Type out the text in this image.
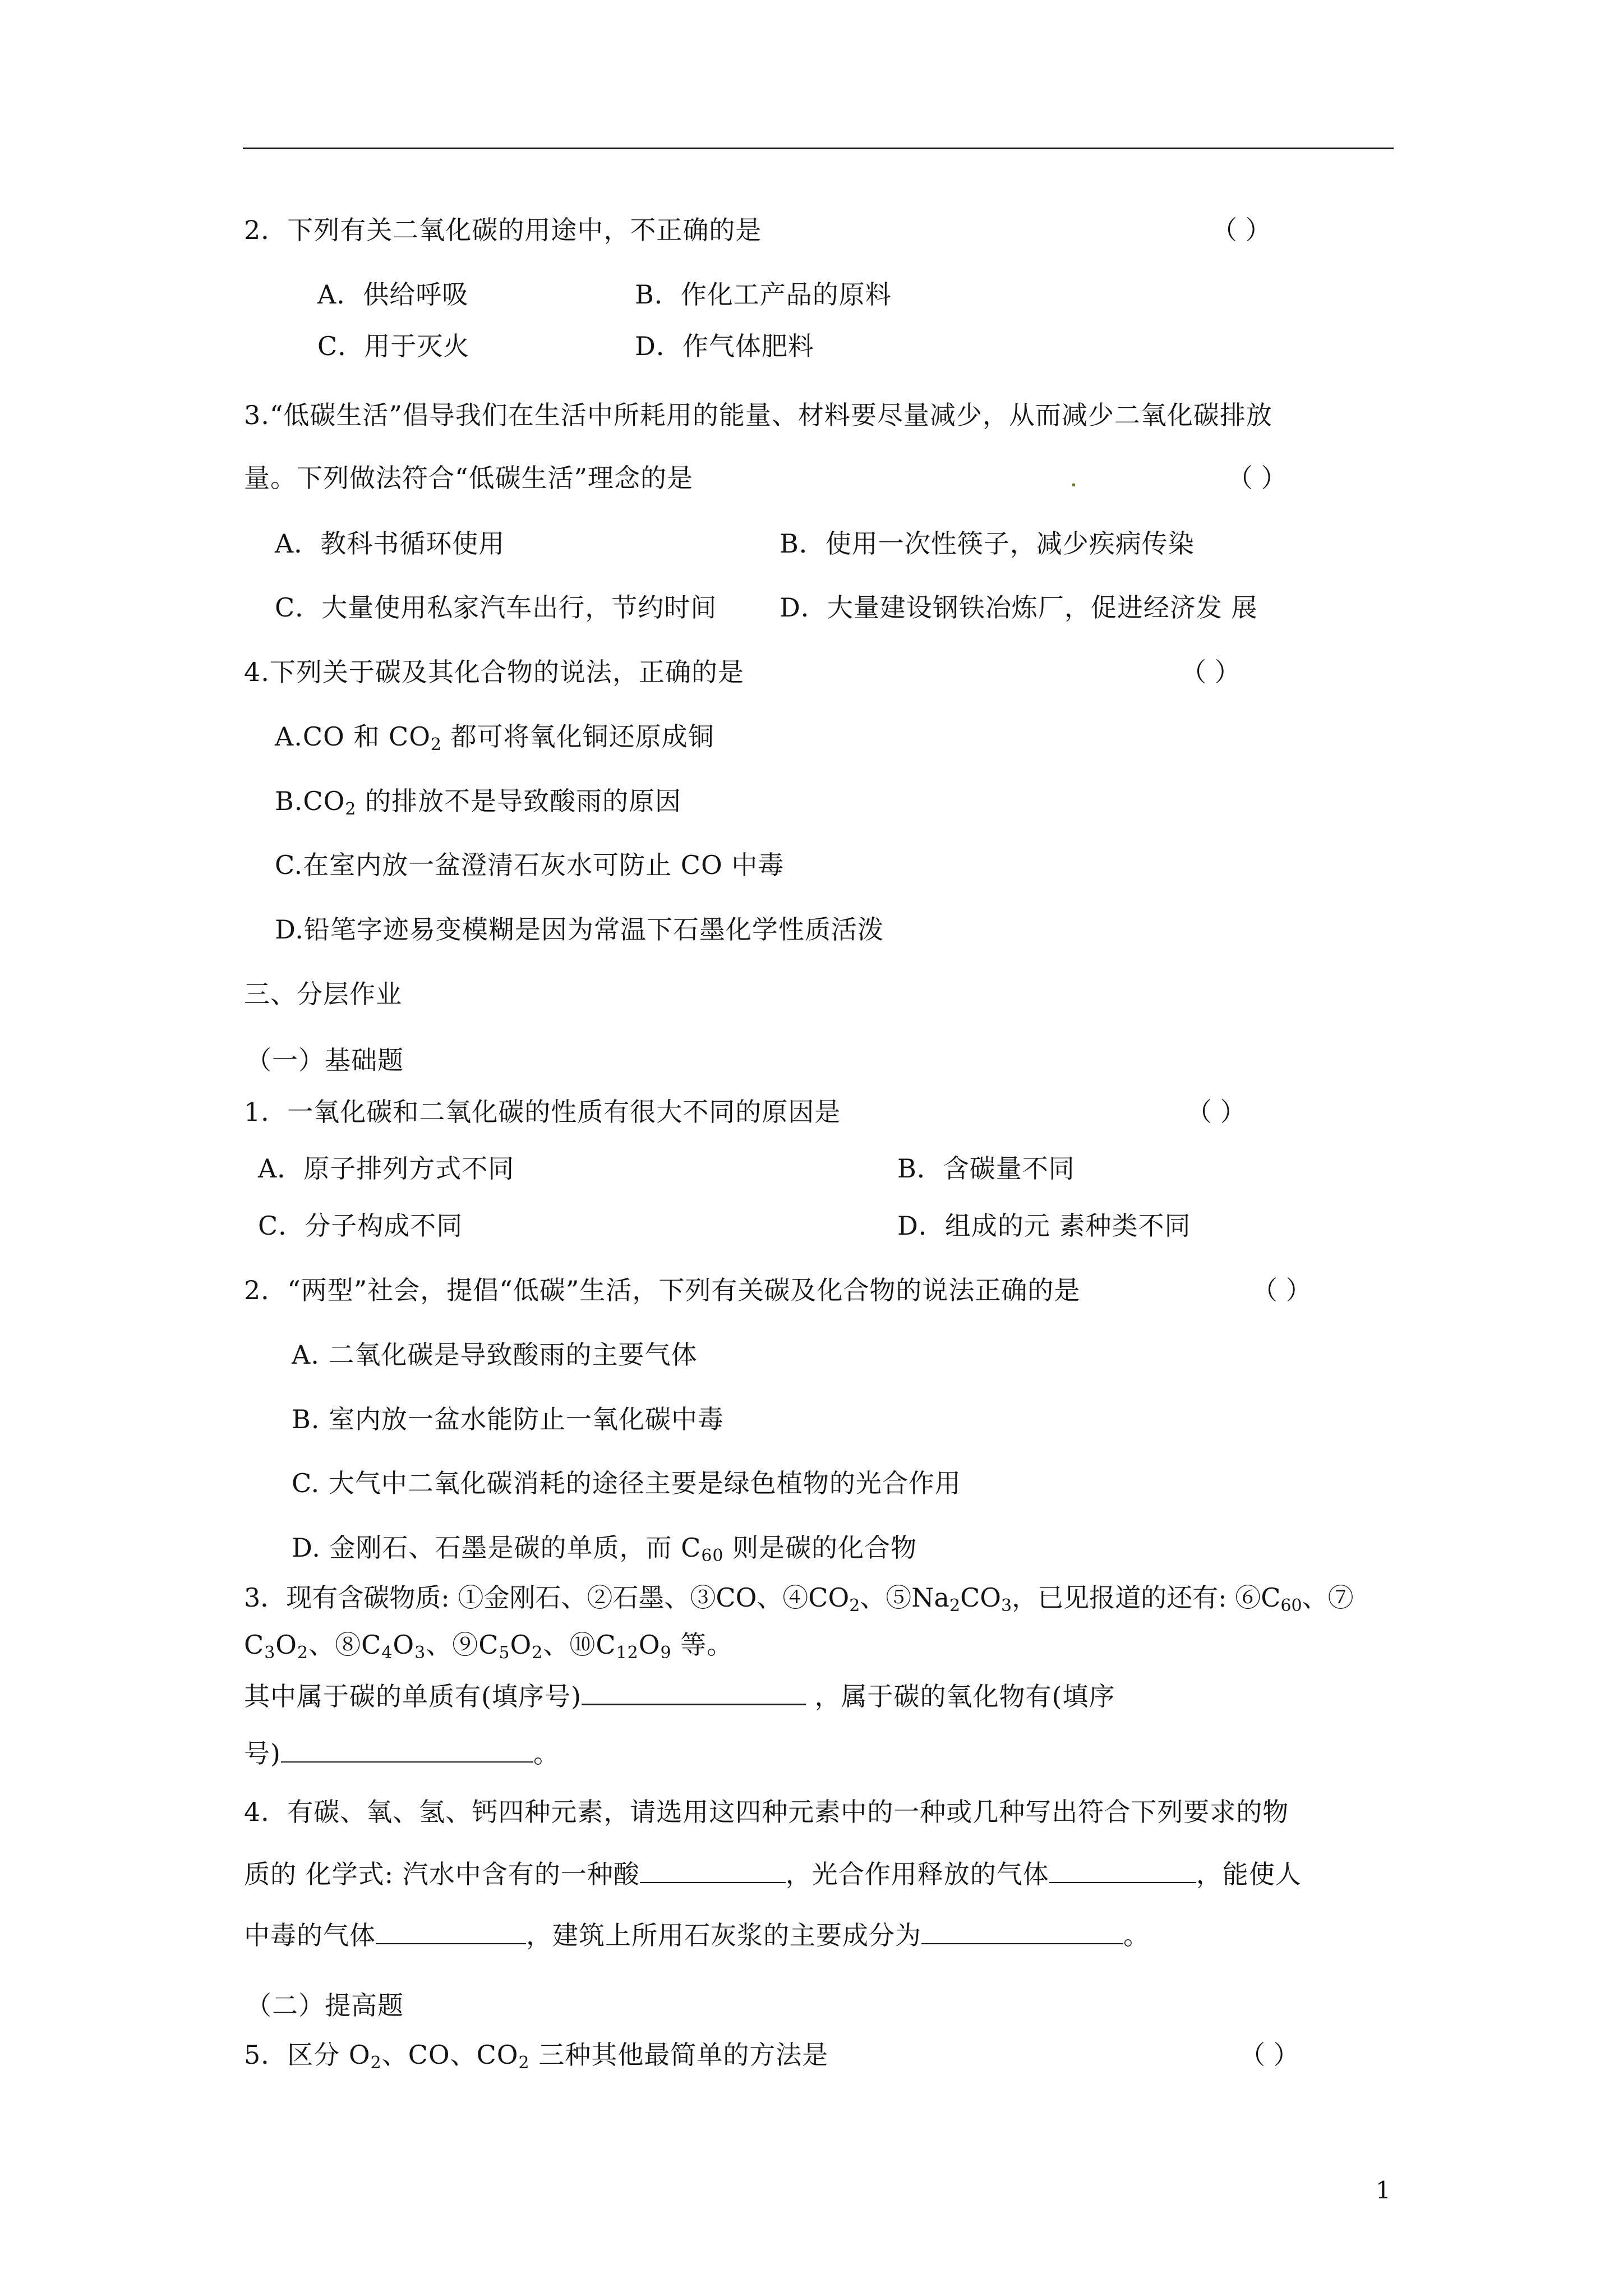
2．下列有关二氧化碳的用途中，不正确的是	（ ）
A．供给呼吸	B．作化工产品的原料
C．用于灭火	D．作气体肥料
3.“低碳生活”倡导我们在生活中所耗用的能量、材料要尽量减少，从而减少二氧化碳排放
量。下列做法符合“低碳生活”理念的是	（ ）
A．教科书循环使用	B．使用一次性筷子，减少疾病传染
C．大量使用私家汽车出行，节约时间 D．大量建设钢铁冶炼厂，促进经济发 展
4.下列关于碳及其化合物的说法，正确的是	（ ）
A.CO 和 $CO_2$ 都可将氧化铜还原成铜
$B.CO_2$ 的排放不是导致酸雨的原因
C.在室内放一盆澄清石灰水可防止 CO 中毒
D.铅笔字迹易变模糊是因为常温下石墨化学性质活泼
三、分层作业
（一）基础题
1．一氧化碳和二氧化碳的性质有很大不同的原因是	（ ）
A．原子排列方式不同	B．含碳量不同
C．分子构成不同	D．组成的元 素种类不同
2．“两型”社会，提倡“低碳”生活，下列有关碳及化合物的说法正确的是	（ ）
A. 二氧化碳是导致酸雨的主要气体
B. 室内放一盆水能防止一氧化碳中毒
C. 大气中二氧化碳消耗的途径主要是绿色植物的光合作用
D. 金刚石、石墨是碳的单质，而 $C_{60}$ 则是碳的化合物
3．现有含碳物质: ①金刚石、②石墨、③CO、$④CO_2$、$⑤Na_2CO_3$，已见报道的还有: $⑥C_{60}$、⑦
$C_3O_2$、$⑧C_4O_3$、$⑨C_5O_2$、$⑩C_{12}O_9$ 等。
其中属于碳的单质有(填序号)	，属于碳的氧化物有(填序
号)	。
4．有碳、氧、氢、钙四种元素，请选用这四种元素中的一种或几种写出符合下列要求的物
质的 化学式: 汽水中含有的一种酸	，光合作用释放的气体	，能使人
中毒的气体	，建筑上所用石灰浆的主要成分为	。
（二）提高题
5．区分 $O_2$、CO、$CO_2$ 三种其他最简单的方法是	（ ）
1
